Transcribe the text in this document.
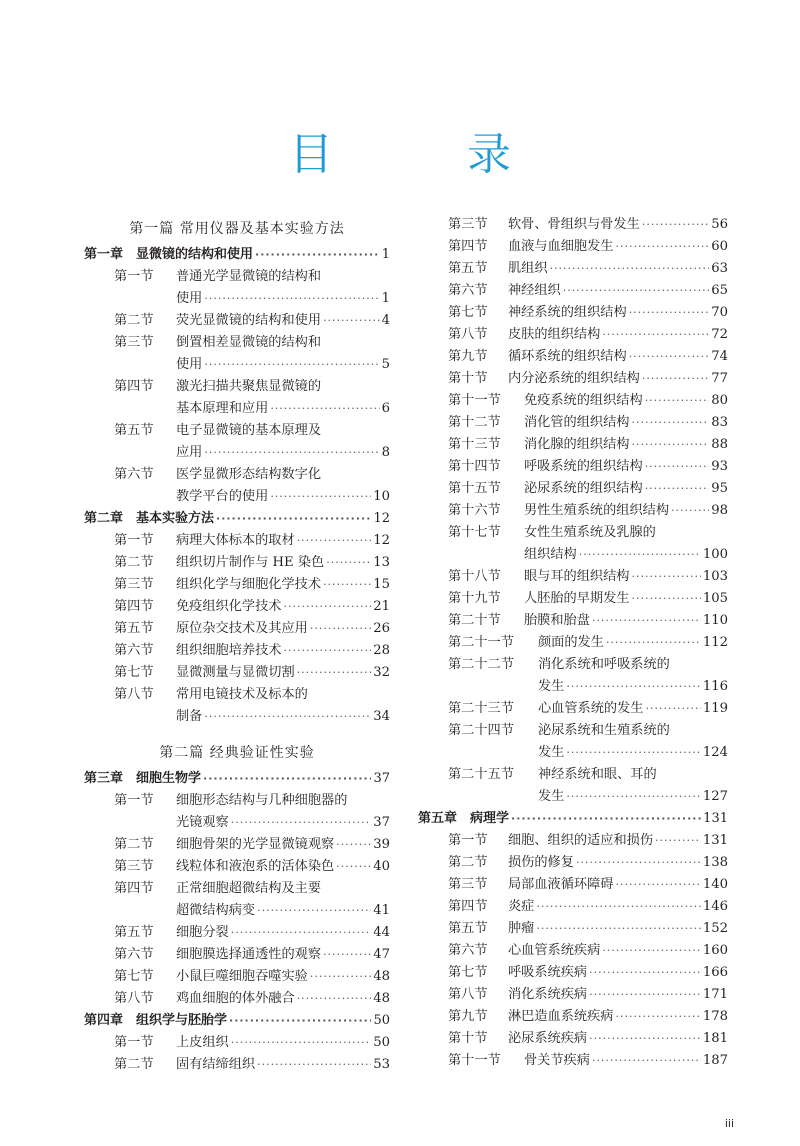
目 录
第一篇 常用仪器及基本实验方法
第一章 显微镜的结构和使用 ·····	1
第一节 普通光学显微镜的结构和
使用 ·····	1
第二节 荧光显微镜的结构和使用 ·····	4
第三节 倒置相差显微镜的结构和
使用 ·····	5
第四节 激光扫描共聚焦显微镜的
基本原理和应用 ·····	6
第五节 电子显微镜的基本原理及
应用 ·····	8
第六节 医学显微形态结构数字化
教学平台的使用 ·····	10
第二章 基本实验方法 ·····	12
第一节 病理大体标本的取材 ·····	12
第二节 组织切片制作与 HE 染色 ·····	13
第三节 组织化学与细胞化学技术 ·····	15
第四节 免疫组织化学技术 ·····	21
第五节 原位杂交技术及其应用 ·····	26
第六节 组织细胞培养技术 ·····	28
第七节 显微测量与显微切割 ·····	32
第八节 常用电镜技术及标本的
制备 ·····	34
第二篇 经典验证性实验
第三章 细胞生物学 ·····	37
第一节 细胞形态结构与几种细胞器的
光镜观察 ·····	37
第二节 细胞骨架的光学显微镜观察 ·····	39
第三节 线粒体和液泡系的活体染色 ·····	40
第四节 正常细胞超微结构及主要
超微结构病变 ·····	41
第五节 细胞分裂 ·····	44
第六节 细胞膜选择通透性的观察 ·····	47
第七节 小鼠巨噬细胞吞噬实验 ·····	48
第八节 鸡血细胞的体外融合 ·····	48
第四章 组织学与胚胎学 ·····	50
第一节 上皮组织 ·····	50
第二节 固有结缔组织 ·····	53
第三节 软骨、骨组织与骨发生 ·····	56
第四节 血液与血细胞发生 ·····	60
第五节 肌组织 ·····	63
第六节 神经组织 ·····	65
第七节 神经系统的组织结构 ·····	70
第八节 皮肤的组织结构 ·····	72
第九节 循环系统的组织结构 ·····	74
第十节 内分泌系统的组织结构 ·····	77
第十一节 免疫系统的组织结构 ·····	80
第十二节 消化管的组织结构 ·····	83
第十三节 消化腺的组织结构 ·····	88
第十四节 呼吸系统的组织结构 ·····	93
第十五节 泌尿系统的组织结构 ·····	95
第十六节 男性生殖系统的组织结构 ·····	98
第十七节 女性生殖系统及乳腺的
组织结构 ·····	100
第十八节 眼与耳的组织结构 ·····	103
第十九节 人胚胎的早期发生 ·····	105
第二十节 胎膜和胎盘 ·····	110
第二十一节 颜面的发生 ·····	112
第二十二节 消化系统和呼吸系统的
发生 ·····	116
第二十三节 心血管系统的发生 ·····	119
第二十四节 泌尿系统和生殖系统的
发生 ·····	124
第二十五节 神经系统和眼、耳的
发生 ·····	127
第五章 病理学 ·····	131
第一节 细胞、组织的适应和损伤 ·····	131
第二节 损伤的修复 ·····	138
第三节 局部血液循环障碍 ·····	140
第四节 炎症 ·····	146
第五节 肿瘤 ·····	152
第六节 心血管系统疾病 ·····	160
第七节 呼吸系统疾病 ·····	166
第八节 消化系统疾病 ·····	171
第九节 淋巴造血系统疾病 ·····	178
第十节 泌尿系统疾病 ·····	181
第十一节 骨关节疾病 ·····	187
iii
